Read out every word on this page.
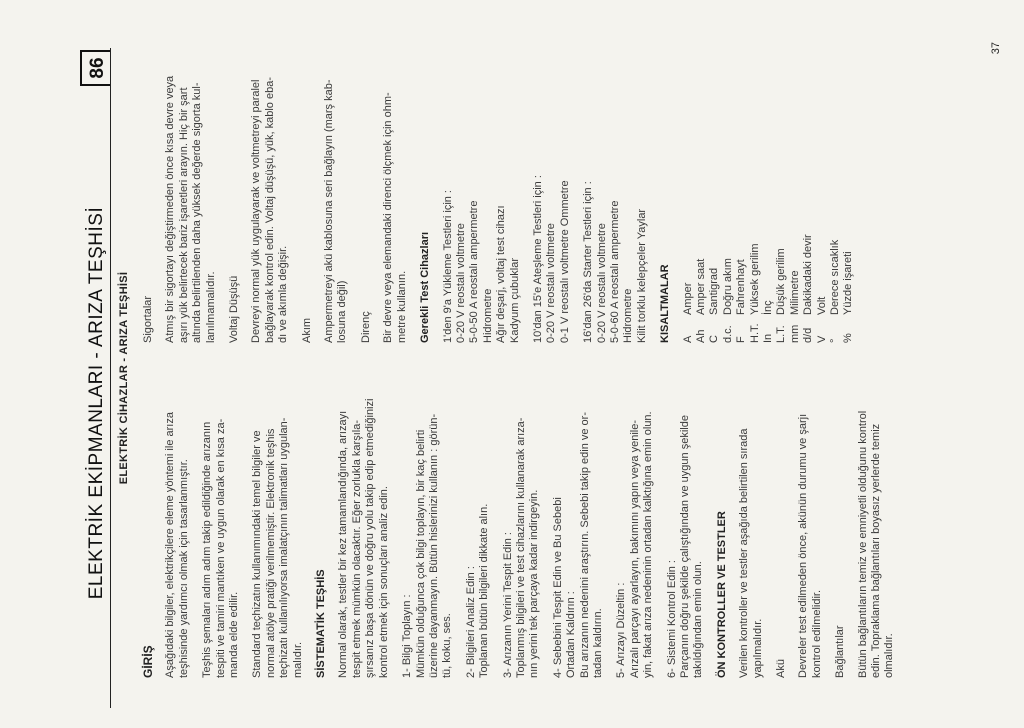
ELEKTRİK EKİPMANLARI - ARIZA TEŞHİSİ
86
ELEKTRİK CİHAZLAR - ARIZA TEŞHİSİ
GİRİŞ Aşağıdaki bilgiler, elektrikçilere eleme yöntemi ile arıza teşhisinde yardımcı olmak için tasarlanmıştır. Teşhis şemaları adım adım takip edildiğinde arızanın tespiti ve tamiri mantıken ve uygun olarak en kısa za- manda elde edilir. Standard teçhizatın kullanımındaki temel bilgiler ve normal atölye pratiği verilmemiştir. Elektronik teşhis teçhizatı kullanılıyorsa imalatçının talimatları uygulan- malıdır. SİSTEMATİK TEŞHİS Normal olarak, testler bir kez tamamlandığında, arızayı tespit etmek mümkün olacaktır. Eğer zorlukla karşıla- şırsanız başa dönün ve doğru yolu takip edip etmediğinizi kontrol etmek için sonuçları analiz edin. 1- Bilgi Toplayın : Mümkün olduğunca çok bilgi toplayın, bir kaç belirti üzerine dayanmayın. Bütün hislerinizi kullanın : görün- tü, koku, ses. 2- Bilgileri Analiz Edin : Toplanan bütün bilgileri dikkate alın. 3- Arızanın Yerini Tespit Edin : Toplanmış bilgileri ve test cihazlarını kullanarak arıza- nın yerini tek parçaya kadar indirgeyin. 4- Sebebini Tespit Edin ve Bu Sebebi Ortadan Kaldırın : Bu arızanın nedenini araştırın. Sebebi takip edin ve or- tadan kaldırın. 5- Arızayı Düzeltin : Arızalı parçayı ayarlayın, bakımını yapın veya yenile- yin, fakat arıza nedeninin ortadan kalktığına emin olun. 6- Sistemi Kontrol Edin : Parçanın doğru şekilde çalıştığından ve uygun şekilde takıldığından emin olun. ÖN KONTROLLER VE TESTLER Verilen kontroller ve testler aşağıda belirtilen sırada yapılmalıdır. Akü Devreler test edilmeden önce, akünün durumu ve şarjı kontrol edilmelidir. Bağlantılar Bütün bağlantıların temiz ve emniyetli olduğunu kontrol edin. Topraklama bağlantıları boyasız yerlerde temiz olmalıdır.
Sigortalar Atmış bir sigortayı değiştirmeden önce kısa devre veya aşırı yük belirtecek bariz işaretleri arayın. Hiç bir şart altında belirtilenden daha yüksek değerde sigorta kul- lanılmamalıdır. Voltaj Düşüşü Devreyi normal yük uygulayarak ve voltmetreyi paralel bağlayarak kontrol edin. Voltaj düşüşü, yük, kablo eba- dı ve akımla değişir. Akım Ampermetreyi akü kablosuna seri bağlayın (marş kab- losuna değil) Direnç Bir devre veya elemandaki direnci ölçmek için ohm- metre kullanın. Gerekli Test Cihazları 1'den 9'a Yükleme Testleri için : 0-20 V reostalı voltmetre 5-0-50 A reostalı ampermetre Hidrometre Ağır deşarj, voltaj test cihazı Kadyum çubuklar 10'dan 15'e Ateşleme Testleri için : 0-20 V reostalı voltmetre 0-1 V reostalı voltmetre Ommetre 16'dan 26'da Starter Testleri için : 0-20 V reostalı voltmetre 5-0-60 A reostalı ampermetre Hidrometre Kilit torklu kelepçeler Yaylar KISALTMALAR A
Amper
Ah
Amper saat
C
Santigrad
d.c.
Doğru akım
F
Fahrenhayt
H.T.
Yüksek gerilim
In
İnç
L.T.
Düşük gerilim
mm
Milimetre
d/d
Dakikadaki devir
V
Volt
°
Derece sıcaklık
%
Yüzde işareti
37
